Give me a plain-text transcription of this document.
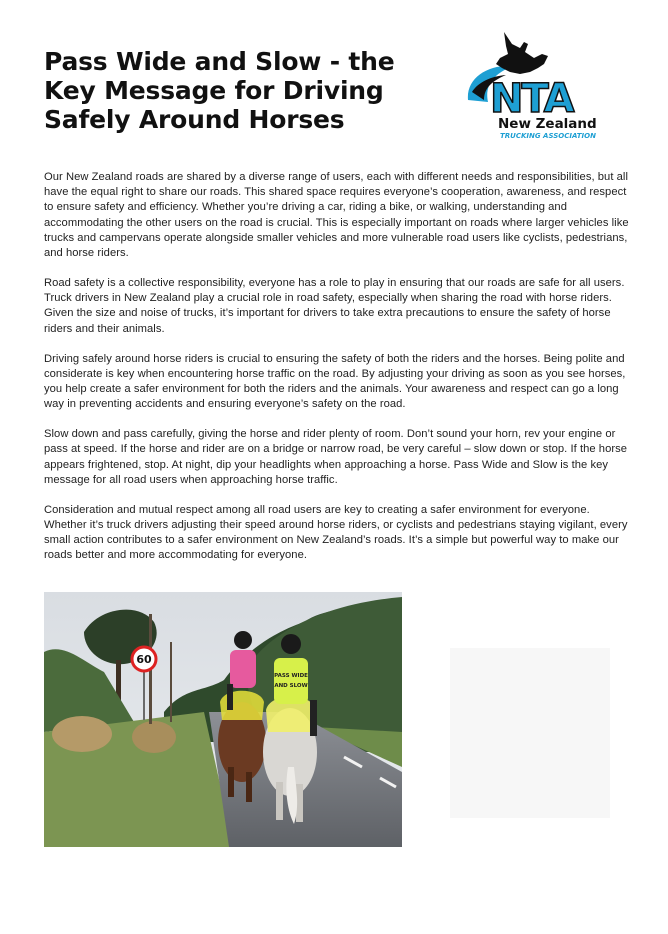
Pass Wide and Slow - the
Key Message for Driving
Safely Around Horses	NTA
New Zealand
TRUCKING ASSOCIATION

Our New Zealand roads are shared by a diverse range of users, each with different needs and responsibilities, but all have the equal right to share our roads. This shared space requires everyone’s cooperation, awareness, and respect to ensure safety and efficiency. Whether you’re driving a car, riding a bike, or walking, understanding and accommodating the other users on the road is crucial. This is especially important on roads where larger vehicles like trucks and campervans operate alongside smaller vehicles and more vulnerable road users like cyclists, pedestrians, and horse riders.

Road safety is a collective responsibility, everyone has a role to play in ensuring that our roads are safe for all users. Truck drivers in New Zealand play a crucial role in road safety, especially when sharing the road with horse riders. Given the size and noise of trucks, it’s important for drivers to take extra precautions to ensure the safety of horse riders and their animals.

Driving safely around horse riders is crucial to ensuring the safety of both the riders and the horses. Being polite and considerate is key when encountering horse traffic on the road. By adjusting your driving as soon as you see horses, you help create a safer environment for both the riders and the animals. Your awareness and respect can go a long way in preventing accidents and ensuring everyone’s safety on the road.

Slow down and pass carefully, giving the horse and rider plenty of room. Don’t sound your horn, rev your engine or pass at speed. If the horse and rider are on a bridge or narrow road, be very careful – slow down or stop. If the horse appears frightened, stop. At night, dip your headlights when approaching a horse. Pass Wide and Slow is the key message for all road users when approaching horse traffic.

Consideration and mutual respect among all road users are key to creating a safer environment for everyone. Whether it’s truck drivers adjusting their speed around horse riders, or cyclists and pedestrians staying vigilant, every small action contributes to a safer environment on New Zealand’s roads. It’s a simple but powerful way to make our roads better and more accommodating for everyone.

60
PASS WIDE
AND SLOW
